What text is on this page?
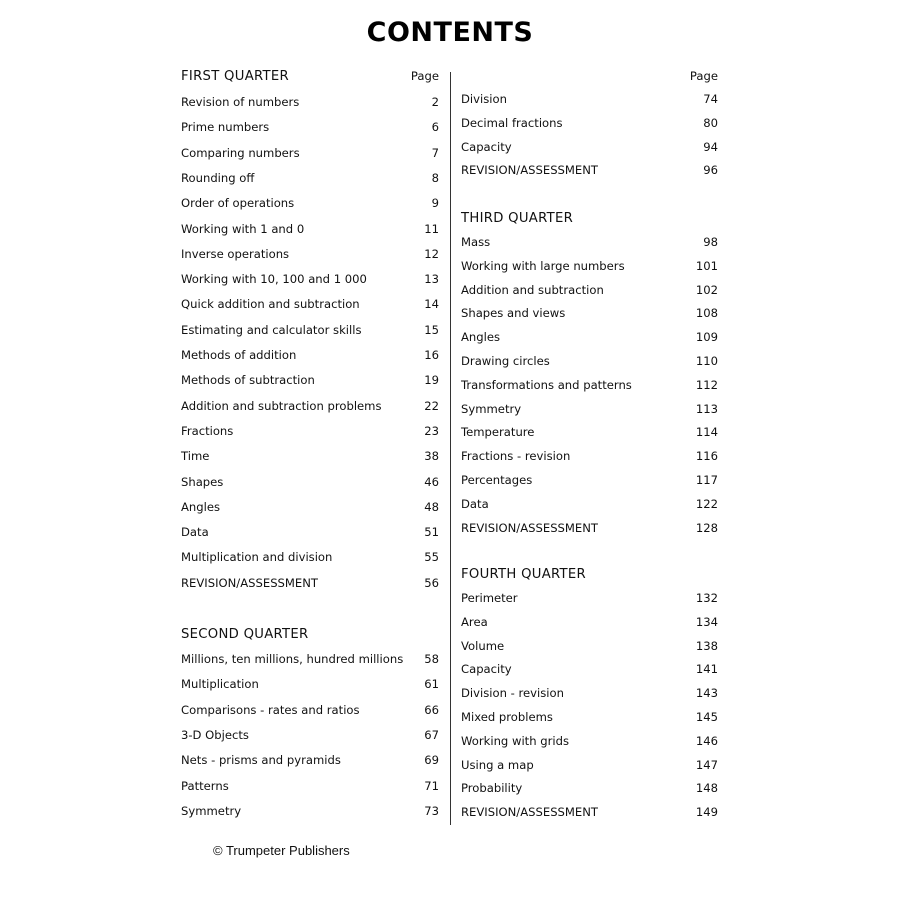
CONTENTS
FIRST QUARTER	Page
Revision of numbers	2
Prime numbers	6
Comparing numbers	7
Rounding off	8
Order of operations	9
Working with 1 and 0	11
Inverse operations	12
Working with 10, 100 and 1 000	13
Quick addition and subtraction	14
Estimating and calculator skills	15
Methods of addition	16
Methods of subtraction	19
Addition and subtraction problems	22
Fractions	23
Time	38
Shapes	46
Angles	48
Data	51
Multiplication and division	55
REVISION/ASSESSMENT	56
SECOND QUARTER
Millions, ten millions, hundred millions 58
Multiplication	61
Comparisons - rates and ratios	66
3-D Objects	67
Nets - prisms and pyramids	69
Patterns	71
Symmetry	73
Page
Division	74
Decimal fractions	80
Capacity	94
REVISION/ASSESSMENT	96
THIRD QUARTER
Mass	98
Working with large numbers	101
Addition and subtraction	102
Shapes and views	108
Angles	109
Drawing circles	110
Transformations and patterns	112
Symmetry	113
Temperature	114
Fractions - revision	116
Percentages	117
Data	122
REVISION/ASSESSMENT	128
FOURTH QUARTER
Perimeter	132
Area	134
Volume	138
Capacity	141
Division - revision	143
Mixed problems	145
Working with grids	146
Using a map	147
Probability	148
REVISION/ASSESSMENT	149
© Trumpeter Publishers
